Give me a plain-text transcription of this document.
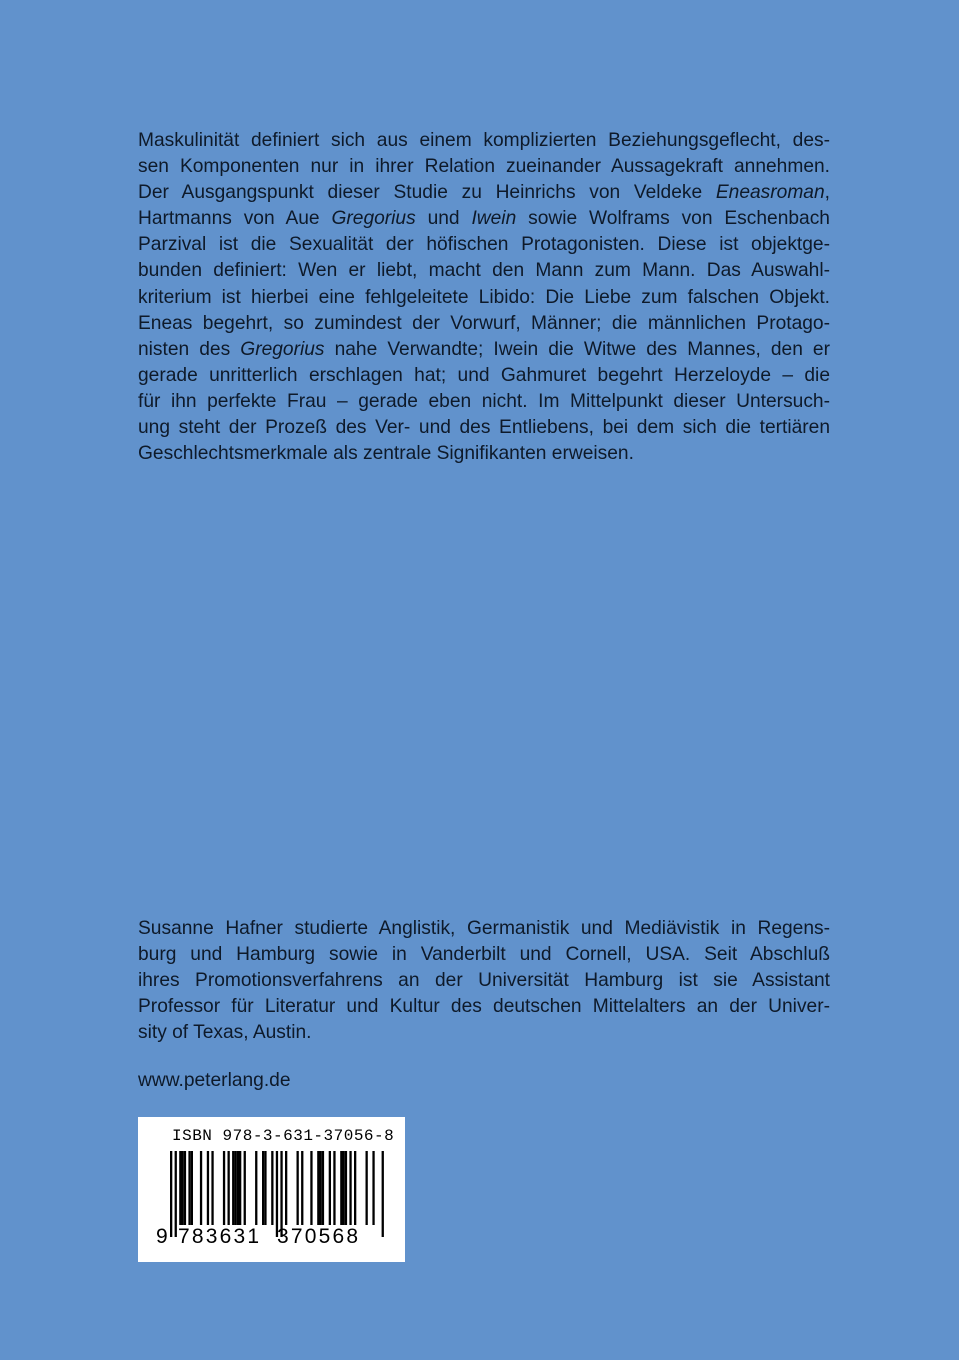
Maskulinität definiert sich aus einem komplizierten Beziehungsgeflecht, des-
sen Komponenten nur in ihrer Relation zueinander Aussagekraft annehmen.
Der Ausgangspunkt dieser Studie zu Heinrichs von Veldeke Eneasroman,
Hartmanns von Aue Gregorius und Iwein sowie Wolframs von Eschenbach
Parzival ist die Sexualität der höfischen Protagonisten. Diese ist objektge-
bunden definiert: Wen er liebt, macht den Mann zum Mann. Das Auswahl-
kriterium ist hierbei eine fehlgeleitete Libido: Die Liebe zum falschen Objekt.
Eneas begehrt, so zumindest der Vorwurf, Männer; die männlichen Protago-
nisten des Gregorius nahe Verwandte; Iwein die Witwe des Mannes, den er
gerade unritterlich erschlagen hat; und Gahmuret begehrt Herzeloyde – die
für ihn perfekte Frau – gerade eben nicht. Im Mittelpunkt dieser Untersuch-
ung steht der Prozeß des Ver- und des Entliebens, bei dem sich die tertiären
Geschlechtsmerkmale als zentrale Signifikanten erweisen.
Susanne Hafner studierte Anglistik, Germanistik und Mediävistik in Regens-
burg und Hamburg sowie in Vanderbilt und Cornell, USA. Seit Abschluß
ihres Promotionsverfahrens an der Universität Hamburg ist sie Assistant
Professor für Literatur und Kultur des deutschen Mittelalters an der Univer-
sity of Texas, Austin.
www.peterlang.de
ISBN 978-3-631-37056-8
9 783631 370568
